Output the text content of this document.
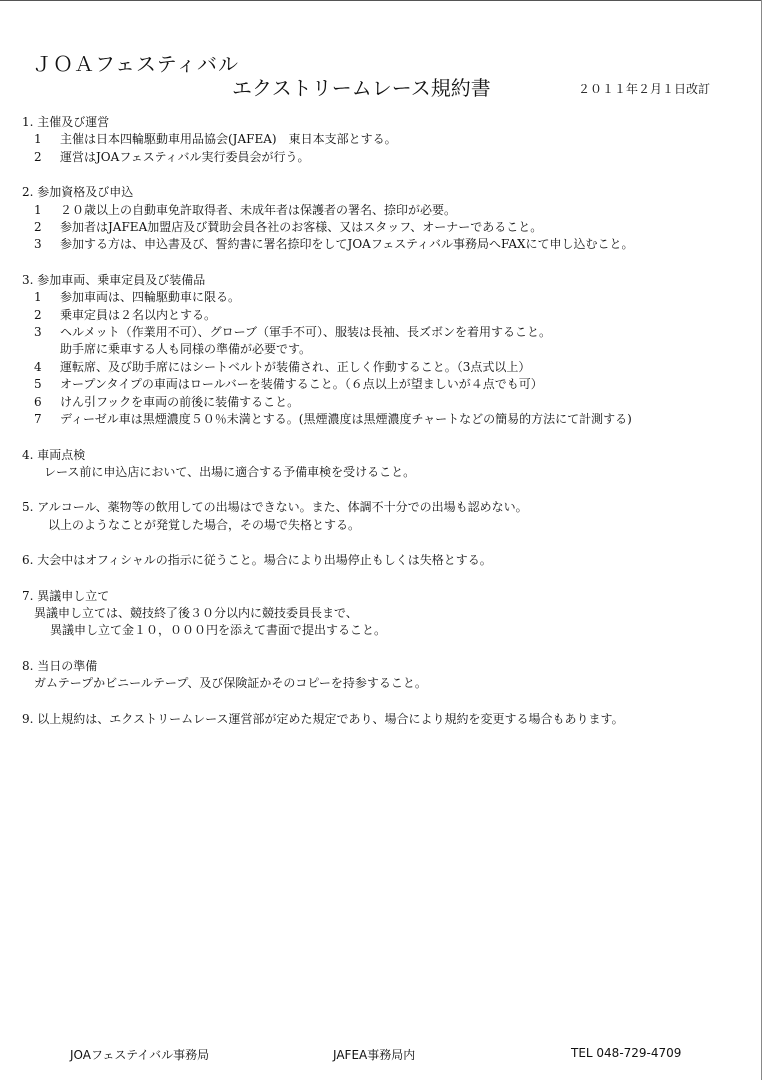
ＪＯＡフェスティバル
エクストリームレース規約書	２０１１年２月１日改訂
1. 主催及び運営
1 主催は日本四輪駆動車用品協会(JAFEA)　東日本支部とする。
2 運営はJOAフェスティバル実行委員会が行う。
2. 参加資格及び申込
1 ２０歳以上の自動車免許取得者、未成年者は保護者の署名、捺印が必要。
2 参加者はJAFEA加盟店及び賛助会員各社のお客様、又はスタッフ、オーナーであること。
3 参加する方は、申込書及び、誓約書に署名捺印をしてJOAフェスティバル事務局へFAXにて申し込むこと。
3. 参加車両、乗車定員及び装備品
1 参加車両は、四輪駆動車に限る。
2 乗車定員は２名以内とする。
3 ヘルメット（作業用不可）、グローブ（軍手不可）、服装は長袖、長ズボンを着用すること。
助手席に乗車する人も同様の準備が必要です。
4 運転席、及び助手席にはシートベルトが装備され、正しく作動すること。（3点式以上）
5 オープンタイプの車両はロールバーを装備すること。（６点以上が望ましいが４点でも可）
6 けん引フックを車両の前後に装備すること。
7 ディーゼル車は黒煙濃度５０％未満とする。(黒煙濃度は黒煙濃度チャートなどの簡易的方法にて計測する)
4. 車両点検
レース前に申込店において、出場に適合する予備車検を受けること。
5. アルコール、薬物等の飲用しての出場はできない。また、体調不十分での出場も認めない。
以上のようなことが発覚した場合，その場で失格とする。
6. 大会中はオフィシャルの指示に従うこと。場合により出場停止もしくは失格とする。
7. 異議申し立て
異議申し立ては、競技終了後３０分以内に競技委員長まで、
異議申し立て金１０，０００円を添えて書面で提出すること。
8. 当日の準備
ガムテープかビニールテープ、及び保険証かそのコピーを持参すること。
9. 以上規約は、エクストリームレース運営部が定めた規定であり、場合により規約を変更する場合もあります。
JOAフェステイバル事務局	JAFEA事務局内	TEL 048-729-4709
